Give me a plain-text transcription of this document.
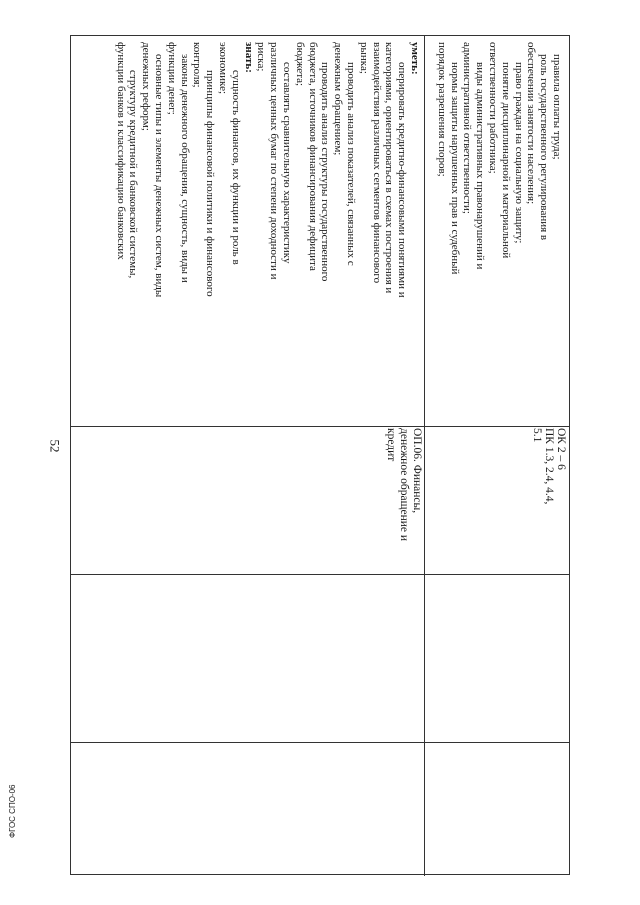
правила оплаты труда;
роль государственного регулирования в
обеспечении занятости населения;
право граждан на социальную защиту;
понятие дисциплинарной и материальной
ответственности работника;
виды административных правонарушений и
административной ответственности;
нормы защиты нарушенных прав и судебный
порядок разрешения споров;
уметь:
оперировать кредитно-финансовыми понятиями и
категориями, ориентироваться в схемах построения и
взаимодействия различных сегментов финансового
рынка;
проводить анализ показателей, связанных с
денежным обращением;
проводить анализ структуры государственного
бюджета, источников финансирования дефицита
бюджета;
составлять сравнительную характеристику
различных ценных бумаг по степени доходности и
риска;
знать:
сущность финансов, их функции и роль в
экономике;
принципы финансовой политики и финансового
контроля;
законы денежного обращения, сущность, виды и
функции денег;
основные типы и элементы денежных систем, виды
денежных реформ;
структуру кредитной и банковской системы,
функции банков и классификацию банковских
ОП.06. Финансы,
денежное обращение и
кредит	ОК 2 – 6
ПК 1.3, 2.4, 4.4,
5.1
52
ФГОС СПО-06
